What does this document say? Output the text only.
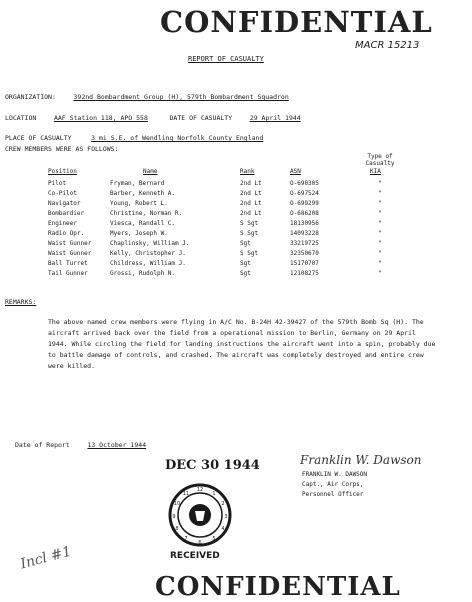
CONFIDENTIAL
MACR 15213
REPORT OF CASUALTY
ORGANIZATION:	392nd Bombardment Group (H), 579th Bombardment Squadron
LOCATION	AAF Station 118, APO 558	DATE OF CASUALTY	29 April 1944
PLACE OF CASUALTY	3 mi S.E. of Wendling Norfolk County England
CREW MEMBERS WERE AS FOLLOWS:
Type of Casualty
Position	Name	Rank	ASN	KIA
Pilot	Fryman, Bernard	2nd Lt	O-690305	"
Co-Pilot	Barber, Kenneth A.	2nd Lt	O-697524	"
Navigator	Young, Robert L.	2nd Lt	O-699299	"
Bombardier	Christine, Norman R.	2nd Lt	O-686208	"
Engineer	Viesca, Randall C.	S Sgt	18130956	"
Radio Opr.	Myers, Joseph W.	S Sgt	14093228	"
Waist Gunner	Chaplinsky, William J.	Sgt	33219725	"
Waist Gunner	Kelly, Christopher J.	S Sgt	32350670	"
Ball Turret	Childress, William J.	Sgt	15170707	"
Tail Gunner	Grossi, Rudolph N.	Sgt	12108275	"
REMARKS:
The above named crew members were flying in A/C No. B-24H 42-39427 of the 579th Bomb Sq (H). The aircraft arrived back over the field from a operational mission to Berlin, Germany on 29 April 1944. While circling the field for landing instructions the aircraft went into a spin, probably due to battle damage of controls, and crashed. The aircraft was completely destroyed and entire crew were killed.
Date of Report	13 October 1944
DEC 30 1944
12
1
2
3
4
5
6
7
8
9
10
11
RECEIVED
Franklin W. Dawson
FRANKLIN W. DAWSON
Capt., Air Corps,
Personnel Officer
Incl #1
CONFIDENTIAL
